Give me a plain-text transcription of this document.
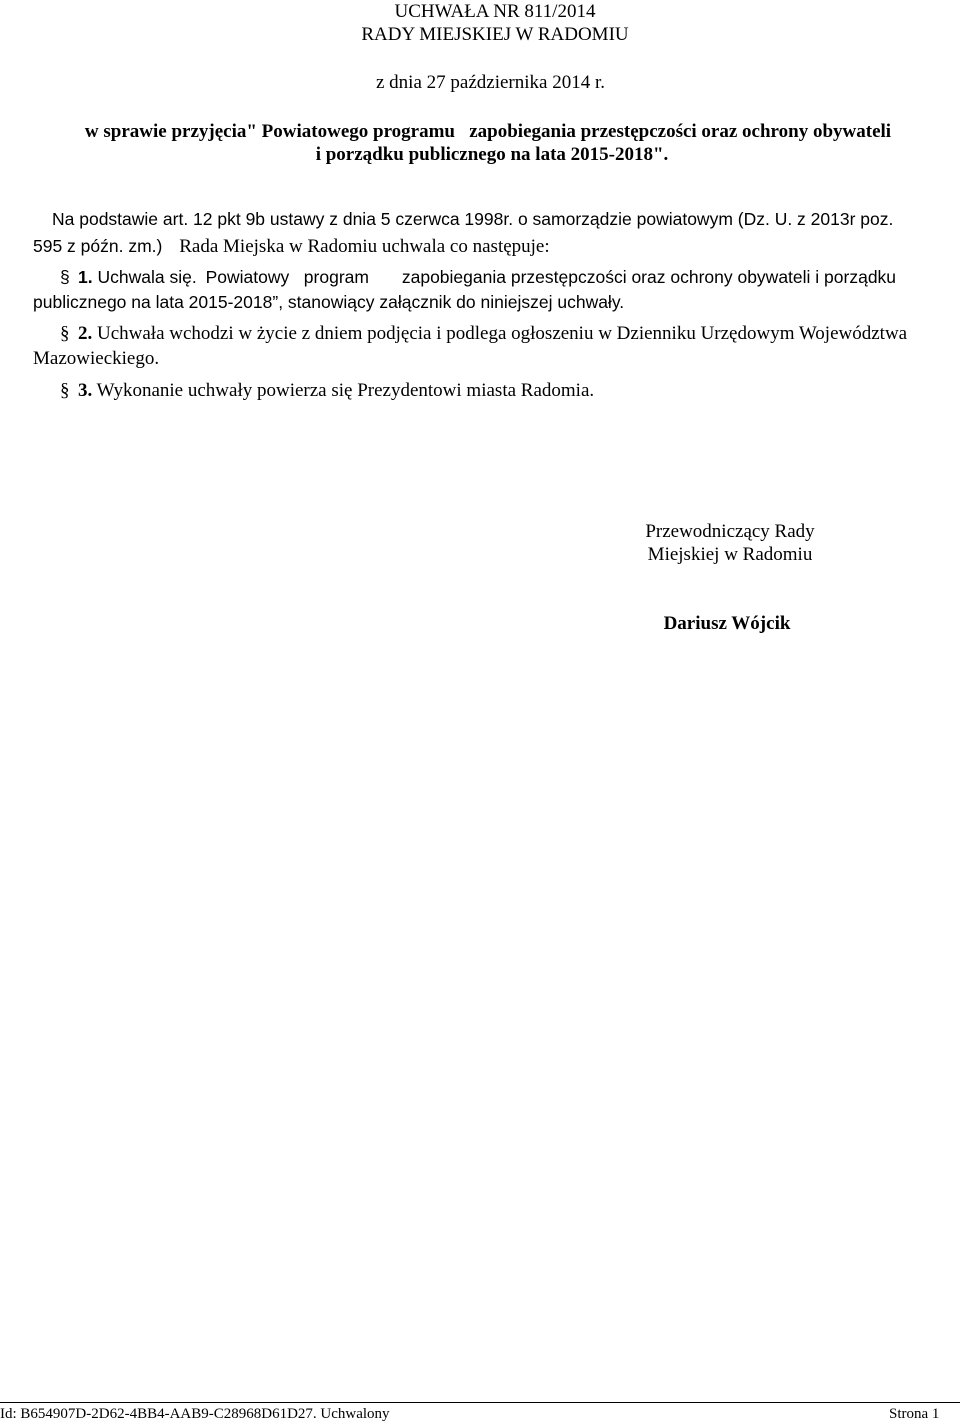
UCHWAŁA NR 811/2014
RADY MIEJSKIEJ W RADOMIU
z dnia 27 października 2014 r.
w sprawie przyjęcia" Powiatowego programu   zapobiegania przestępczości oraz ochrony obywateli
i porządku publicznego na lata 2015-2018".
Na podstawie art. 12 pkt 9b ustawy z dnia 5 czerwca 1998r. o samorządzie powiatowym (Dz. U. z 2013r poz.
595 z późn. zm.) Rada Miejska w Radomiu uchwala co następuje:
§ 1. Uchwala się. Powiatowy   program zapobiegania przestępczości oraz ochrony obywateli i porządku
publicznego na lata 2015-2018”, stanowiący załącznik do niniejszej uchwały.
§ 2. Uchwała wchodzi w życie z dniem podjęcia i podlega ogłoszeniu w Dzienniku Urzędowym Województwa
Mazowieckiego.
§ 3. Wykonanie uchwały powierza się Prezydentowi miasta Radomia.
Przewodniczący Rady
Miejskiej w Radomiu
Dariusz Wójcik
Id: B654907D-2D62-4BB4-AAB9-C28968D61D27. Uchwalony	Strona 1
